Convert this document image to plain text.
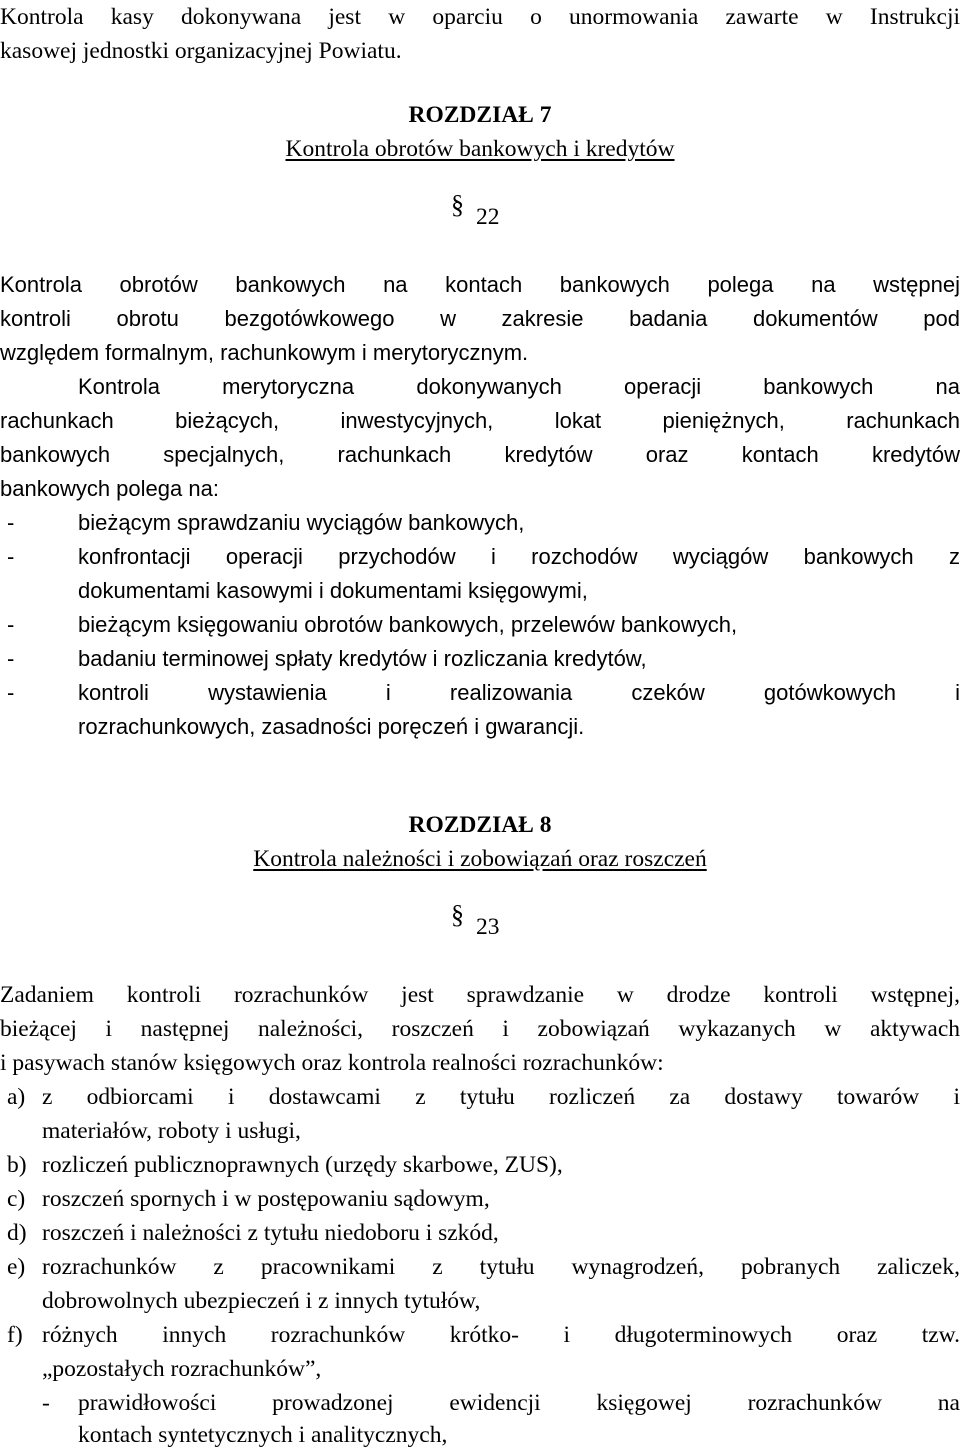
Kontrola kasy dokonywana jest w oparciu o unormowania zawarte w Instrukcji
kasowej jednostki organizacyjnej Powiatu.
ROZDZIAŁ 7
Kontrola obrotów bankowych i kredytów
§ 22
Kontrola obrotów bankowych na kontach bankowych polega na wstępnej
kontroli obrotu bezgotówkowego w zakresie badania dokumentów pod
względem formalnym, rachunkowym i merytorycznym.
Kontrola merytoryczna dokonywanych operacji bankowych na
rachunkach bieżących, inwestycyjnych, lokat pieniężnych, rachunkach
bankowych specjalnych, rachunkach kredytów oraz kontach kredytów
bankowych polega na:
-	bieżącym sprawdzaniu wyciągów bankowych,
-	konfrontacji operacji przychodów i rozchodów wyciągów bankowych z
dokumentami kasowymi i dokumentami księgowymi,
-	bieżącym księgowaniu obrotów bankowych, przelewów bankowych,
-	badaniu terminowej spłaty kredytów i rozliczania kredytów,
-	kontroli wystawienia i realizowania czeków gotówkowych i
rozrachunkowych, zasadności poręczeń i gwarancji.
ROZDZIAŁ 8
Kontrola należności i zobowiązań oraz roszczeń
§ 23
Zadaniem kontroli rozrachunków jest sprawdzanie w drodze kontroli wstępnej,
bieżącej i następnej należności, roszczeń i zobowiązań wykazanych w aktywach
i pasywach stanów księgowych oraz kontrola realności rozrachunków:
a) z odbiorcami i dostawcami z tytułu rozliczeń za dostawy towarów i
materiałów, roboty i usługi,
b) rozliczeń publicznoprawnych (urzędy skarbowe, ZUS),
c) roszczeń spornych i w postępowaniu sądowym,
d) roszczeń i należności z tytułu niedoboru i szkód,
e) rozrachunków z pracownikami z tytułu wynagrodzeń, pobranych zaliczek,
dobrowolnych ubezpieczeń i z innych tytułów,
f) różnych innych rozrachunków krótko- i długoterminowych oraz tzw.
„pozostałych rozrachunków”,
- prawidłowości prowadzonej ewidencji księgowej rozrachunków na
kontach syntetycznych i analitycznych,
